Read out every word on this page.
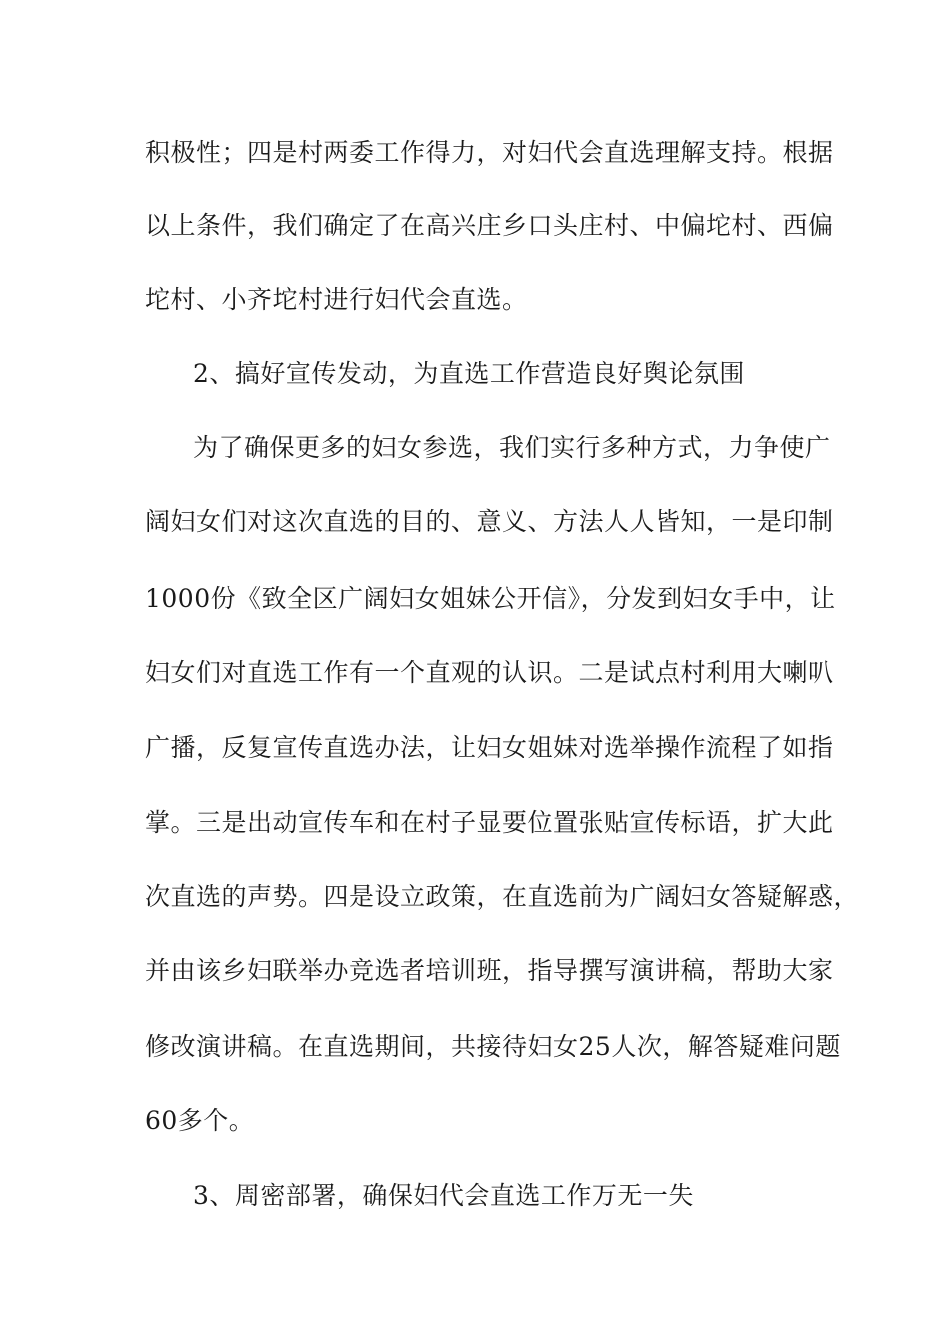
积极性；四是村两委工作得力，对妇代会直选理解支持。根据
以上条件，我们确定了在高兴庄乡口头庄村、中偏坨村、西偏
坨村、小齐坨村进行妇代会直选。
2、搞好宣传发动，为直选工作营造良好舆论氛围
为了确保更多的妇女参选，我们实行多种方式，力争使广
阔妇女们对这次直选的目的、意义、方法人人皆知，一是印制
1000份《致全区广阔妇女姐妹公开信》，分发到妇女手中，让
妇女们对直选工作有一个直观的认识。二是试点村利用大喇叭
广播，反复宣传直选办法，让妇女姐妹对选举操作流程了如指
掌。三是出动宣传车和在村子显要位置张贴宣传标语，扩大此
次直选的声势。四是设立政策，在直选前为广阔妇女答疑解惑，
并由该乡妇联举办竞选者培训班，指导撰写演讲稿，帮助大家
修改演讲稿。在直选期间，共接待妇女25人次，解答疑难问题
60多个。
3、周密部署，确保妇代会直选工作万无一失
